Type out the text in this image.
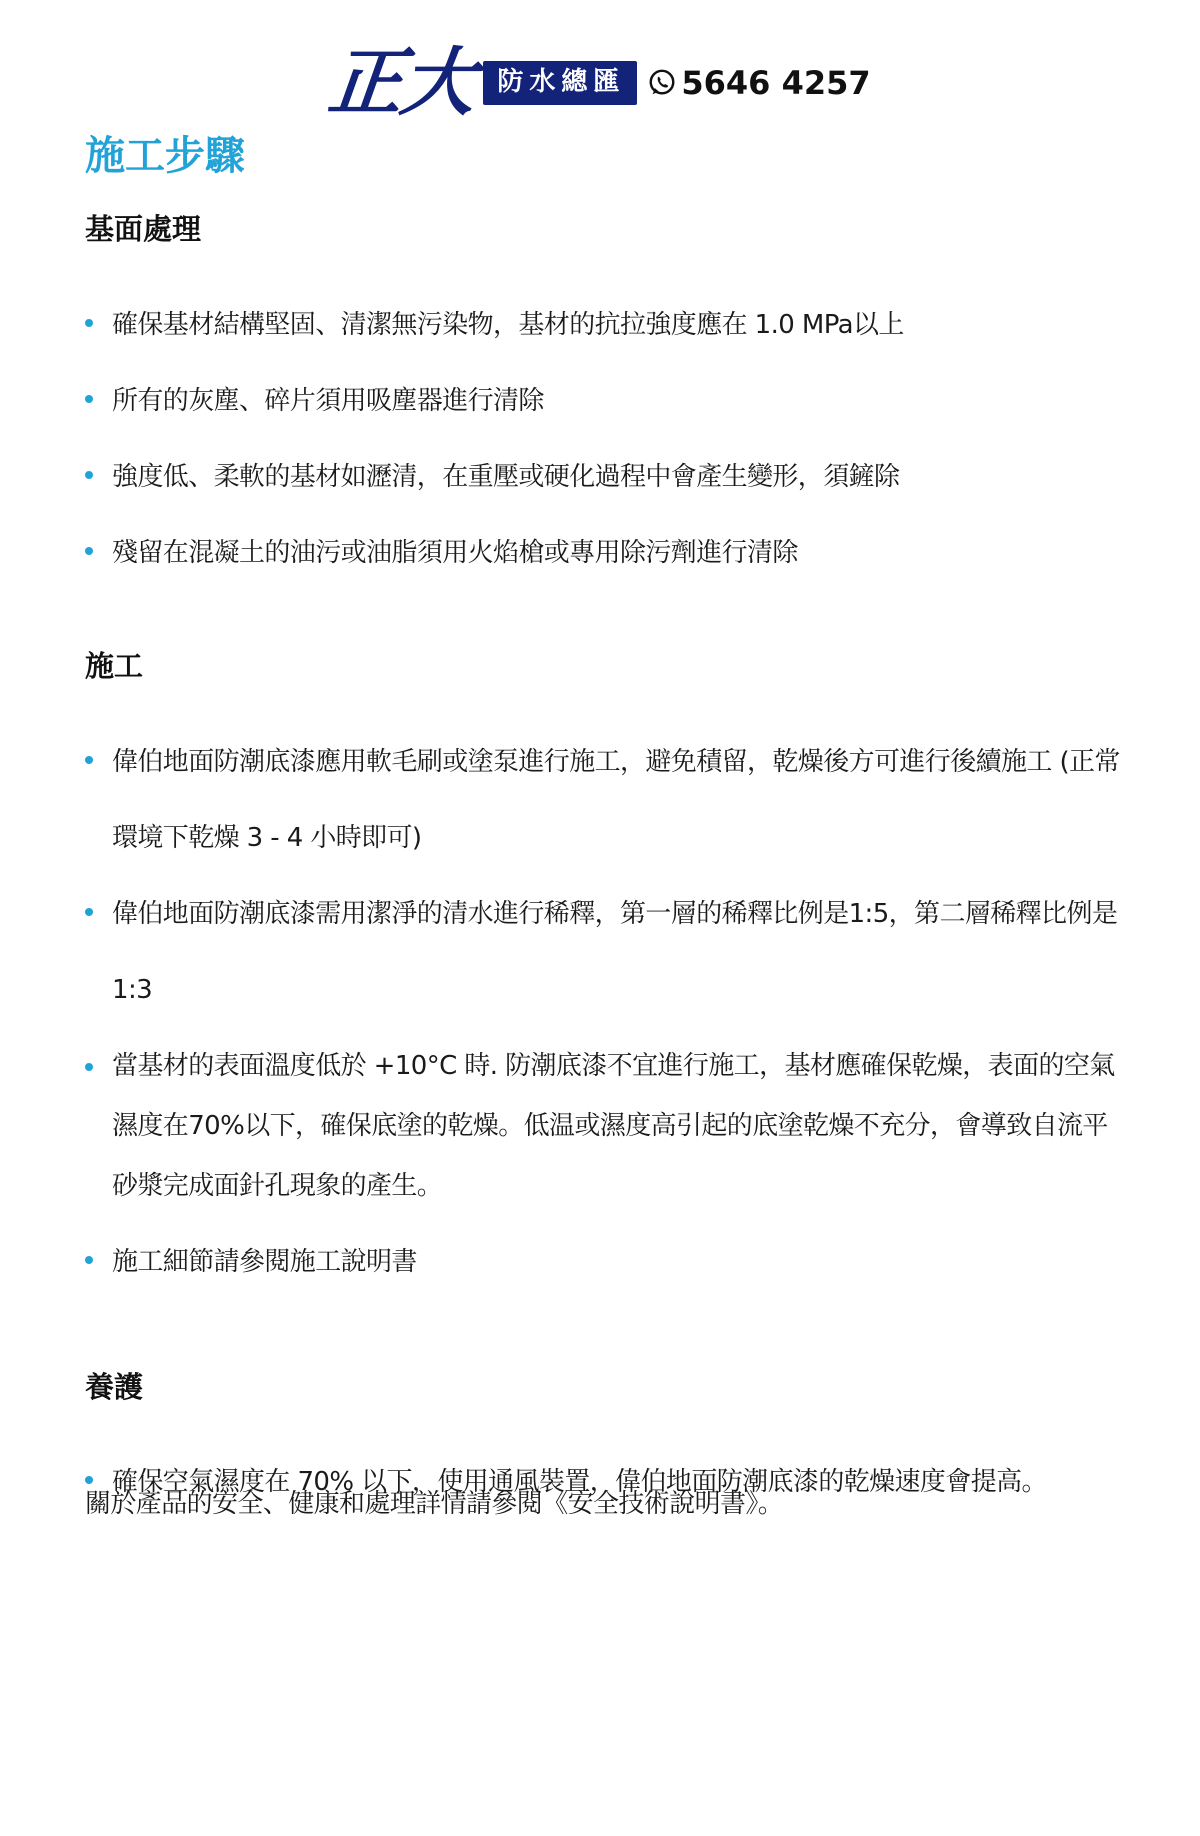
正大 防水總匯	5646 4257
施工步驟
基面處理
確保基材結構堅固、清潔無污染物，基材的抗拉強度應在 1.0 MPa以上
所有的灰塵、碎片須用吸塵器進行清除
強度低、柔軟的基材如瀝清，在重壓或硬化過程中會產生變形，須鏟除
殘留在混凝土的油污或油脂須用火焰槍或專用除污劑進行清除
施工
偉伯地面防潮底漆應用軟毛刷或塗泵進行施工，避免積留，乾燥後方可進行後續施工 (正常環境下乾燥 3 - 4 小時即可)
偉伯地面防潮底漆需用潔淨的清水進行稀釋，第一層的稀釋比例是1:5，第二層稀釋比例是1:3
當基材的表面溫度低於 +10°C 時. 防潮底漆不宜進行施工，基材應確保乾燥，表面的空氣濕度在70%以下，確保底塗的乾燥。低温或濕度高引起的底塗乾燥不充分，會導致自流平砂漿完成面針孔現象的產生。
施工細節請參閱施工說明書
養護
確保空氣濕度在 70% 以下，使用通風裝置，偉伯地面防潮底漆的乾燥速度會提高。
關於產品的安全、健康和處理詳情請參閱《安全技術說明書》。
